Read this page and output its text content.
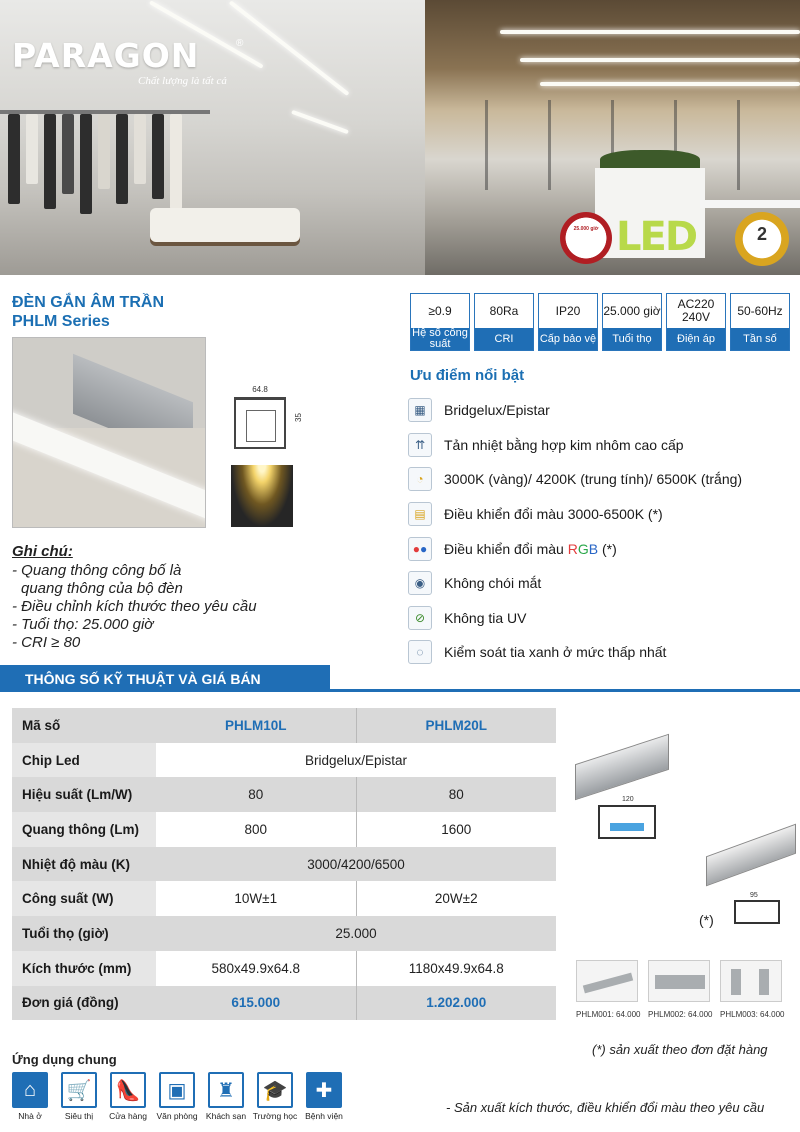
PARAGON	®
Chất lượng là tất cả
25.000 giờ LED	2
ĐÈN GẮN ÂM TRẦN
PHLM Series
≥0.9
Hệ số công suất
80Ra
CRI
IP20
Cấp bảo vệ
25.000 giờ
Tuổi thọ
AC220 240V
Điện áp
50-60Hz
Tần số
64.8
35
Ưu điểm nổi bật
▦	Bridgelux/Epistar
⇈	Tản nhiệt bằng hợp kim nhôm cao cấp
◔	3000K (vàng)/ 4200K (trung tính)/ 6500K (trắng)
▤	Điều khiển đổi màu 3000-6500K (*)
● ● Điều khiển đổi màu RGB (*)
◉	Không chói mắt
⊘	Không tia UV
◌	Kiểm soát tia xanh ở mức thấp nhất
Ghi chú:
- Quang thông công bố là
quang thông của bộ đèn
- Điều chỉnh kích thước theo yêu cầu
- Tuổi thọ: 25.000 giờ
- CRI ≥ 80
THÔNG SỐ KỸ THUẬT VÀ GIÁ BÁN
Mã số	PHLM10L	PHLM20L
Chip Led	Bridgelux/Epistar	
Hiệu suất (Lm/W)	80	80
Quang thông (Lm)	800	1600
Nhiệt độ màu (K)	3000/4200/6500	
Công suất (W)	10W±1	20W±2
Tuổi thọ (giờ)	25.000	
Kích thước (mm)	580x49.9x64.8	1180x49.9x64.8
Đơn giá (đồng)	615.000	1.202.000
120
95
(*)
PHLM001: 64.000 PHLM002: 64.000 PHLM003: 64.000
(*) sản xuất theo đơn đặt hàng
Ứng dụng chung
⌂
Nhà ở
🛒
Siêu thị
👠
Cửa hàng
▣
Văn phòng
♜
Khách sạn
🎓
Trường học
✚
Bệnh viện
- Sản xuất kích thước, điều khiển đổi màu theo yêu cầu
